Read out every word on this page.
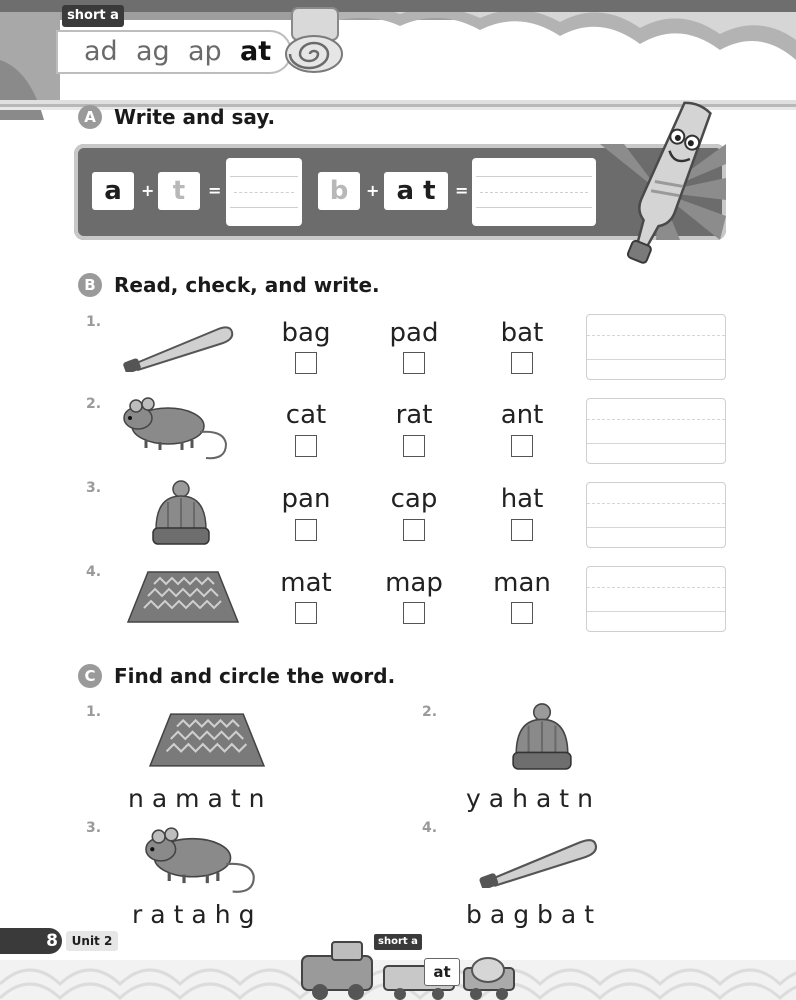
short a
ad ag ap at
A Write and say.
a	+ t	=	b	+ a t	=
B Read, check, and write.
1.	bag	pad	bat
2.	cat	rat	ant
3.	pan	cap	hat
4.	mat	map	man
C Find and circle the word.
1.
namatn
2.
yahatn
3.
ratahg
4.
bagbat
8	Unit 2	short a
at
